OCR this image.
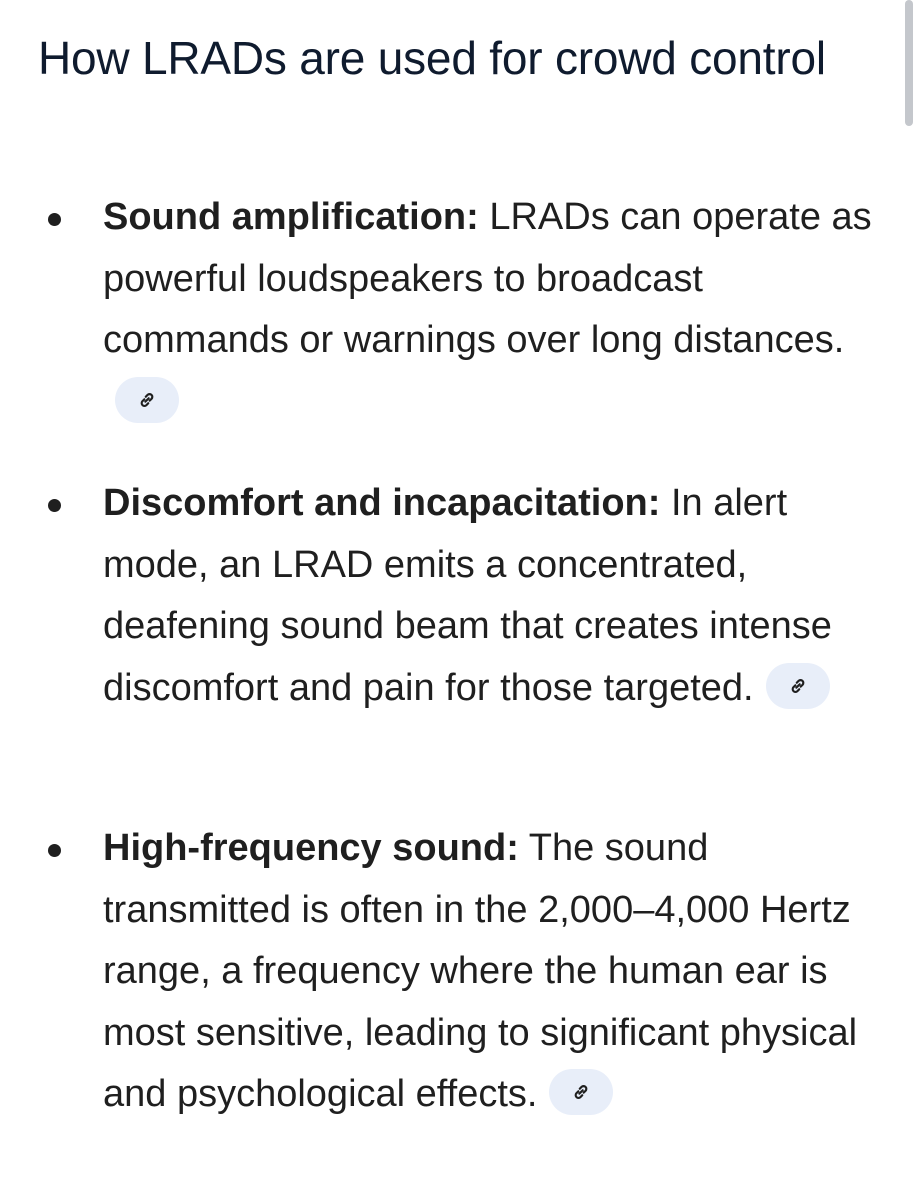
How LRADs are used for crowd control
Sound amplification: LRADs can operate as powerful loudspeakers to broadcast commands or warnings over long distances.
Discomfort and incapacitation: In alert mode, an LRAD emits a concentrated, deafening sound beam that creates intense discomfort and pain for those targeted.
High-frequency sound: The sound transmitted is often in the 2,000–4,000 Hertz range, a frequency where the human ear is most sensitive, leading to significant physical and psychological effects.
